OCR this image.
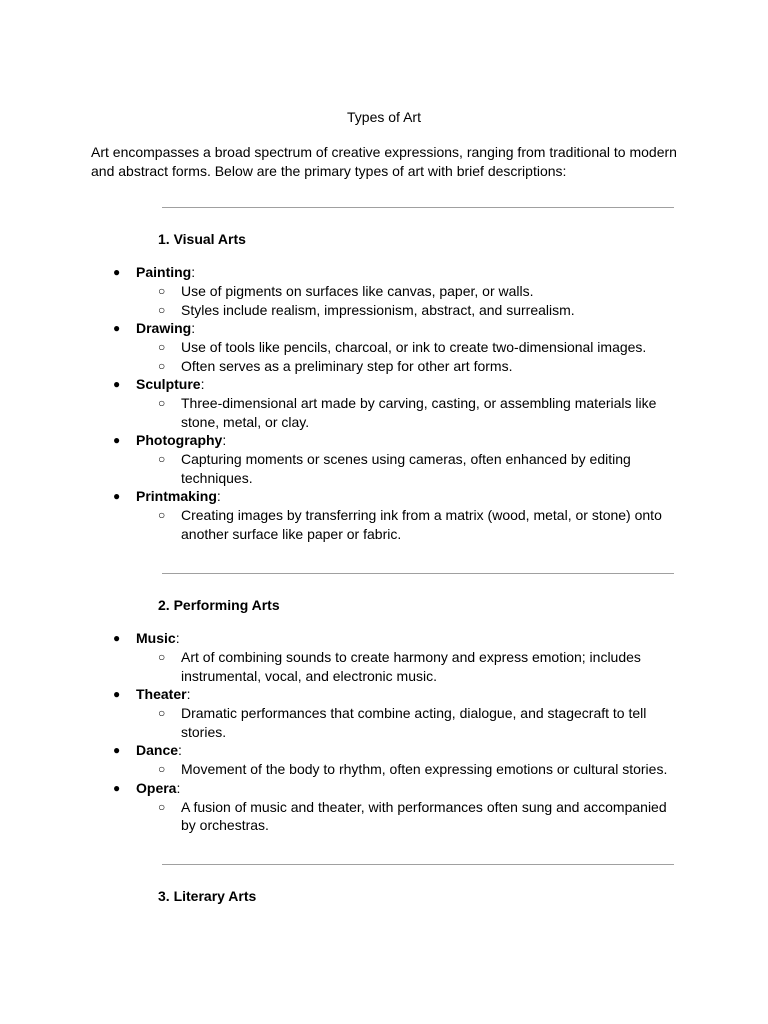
Types of Art
Art encompasses a broad spectrum of creative expressions, ranging from traditional to modern and abstract forms. Below are the primary types of art with brief descriptions:
1. Visual Arts
● Painting:
○ Use of pigments on surfaces like canvas, paper, or walls.
○ Styles include realism, impressionism, abstract, and surrealism.
● Drawing:
○ Use of tools like pencils, charcoal, or ink to create two-dimensional images.
○ Often serves as a preliminary step for other art forms.
● Sculpture:
○ Three-dimensional art made by carving, casting, or assembling materials like stone, metal, or clay.
● Photography:
○ Capturing moments or scenes using cameras, often enhanced by editing techniques.
● Printmaking:
○ Creating images by transferring ink from a matrix (wood, metal, or stone) onto another surface like paper or fabric.
2. Performing Arts
● Music:
○ Art of combining sounds to create harmony and express emotion; includes instrumental, vocal, and electronic music.
● Theater:
○ Dramatic performances that combine acting, dialogue, and stagecraft to tell stories.
● Dance:
○ Movement of the body to rhythm, often expressing emotions or cultural stories.
● Opera:
○ A fusion of music and theater, with performances often sung and accompanied by orchestras.
3. Literary Arts
